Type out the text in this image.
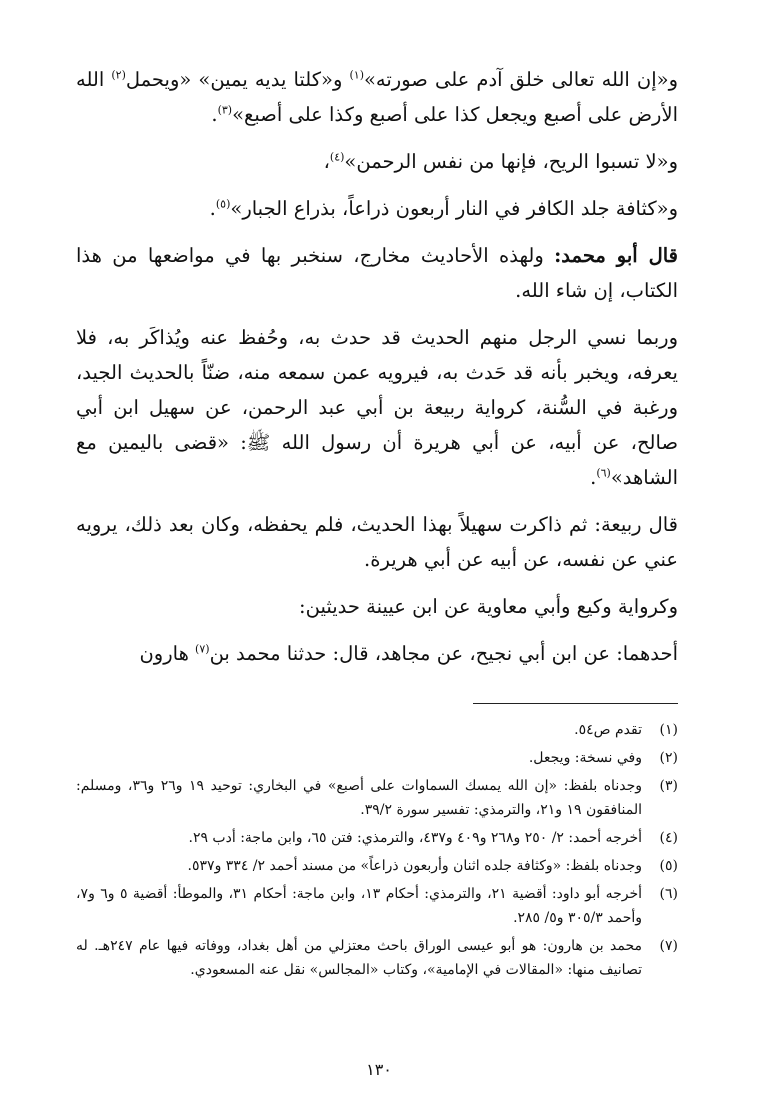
و«إن الله تعالى خلق آدم على صورته»$^{(١)}$ و«كلتا يديه يمين» «ويحمل$^{(٢)}$ الله الأرض على أصبع ويجعل كذا على أصبع وكذا على أصبع»$^{(٣)}$.

و«لا تسبوا الريح، فإنها من نفس الرحمن»$^{(٤)}$،

و«كثافة جلد الكافر في النار أربعون ذراعاً، بذراع الجبار»$^{(٥)}$.

قال أبو محمد: ولهذه الأحاديث مخارج، سنخبر بها في مواضعها من هذا الكتاب، إن شاء الله.

وربما نسي الرجل منهم الحديث قد حدث به، وحُفظ عنه ويُذاكَر به، فلا يعرفه، ويخبر بأنه قد حَدث به، فيرويه عمن سمعه منه، ضنّاً بالحديث الجيد، ورغبة في السُّنة، كرواية ربيعة بن أبي عبد الرحمن، عن سهيل ابن أبي صالح، عن أبيه، عن أبي هريرة أن رسول الله ﷺ: «قضى باليمين مع الشاهد»$^{(٦)}$.

قال ربيعة: ثم ذاكرت سهيلاً بهذا الحديث، فلم يحفظه، وكان بعد ذلك، يرويه عني عن نفسه، عن أبيه عن أبي هريرة.

وكرواية وكيع وأبي معاوية عن ابن عيينة حديثين:

أحدهما: عن ابن أبي نجيح، عن مجاهد، قال: حدثنا محمد بن$^{(٧)}$ هارون

(١)
تقدم ص٥٤.
(٢)
وفي نسخة: ويجعل.
(٣)
وجدناه بلفظ: «إن الله يمسك السماوات على أصبع» في البخاري: توحيد ١٩ و٢٦ و٣٦، ومسلم: المنافقون ١٩ و٢١، والترمذي: تفسير سورة ٣٩/٢.
(٤)
أخرجه أحمد: ٢/ ٢٥٠ و٢٦٨ و٤٠٩ و٤٣٧، والترمذي: فتن ٦٥، وابن ماجة: أدب ٢٩.
(٥)
وجدناه بلفظ: «وكثافة جلده اثنان وأربعون ذراعاً» من مسند أحمد ٢/ ٣٣٤ و٥٣٧.
(٦)
أخرجه أبو داود: أقضية ٢١، والترمذي: أحكام ١٣، وابن ماجة: أحكام ٣١، والموطأ: أقضية ٥ و٦ و٧، وأحمد ٣٠٥/٣ و٥/ ٢٨٥.
(٧)
محمد بن هارون: هو أبو عيسى الوراق باحث معتزلي من أهل بغداد، ووفاته فيها عام ٢٤٧هـ. له تصانيف منها: «المقالات في الإمامية»، وكتاب «المجالس» نقل عنه المسعودي.
١٣٠
